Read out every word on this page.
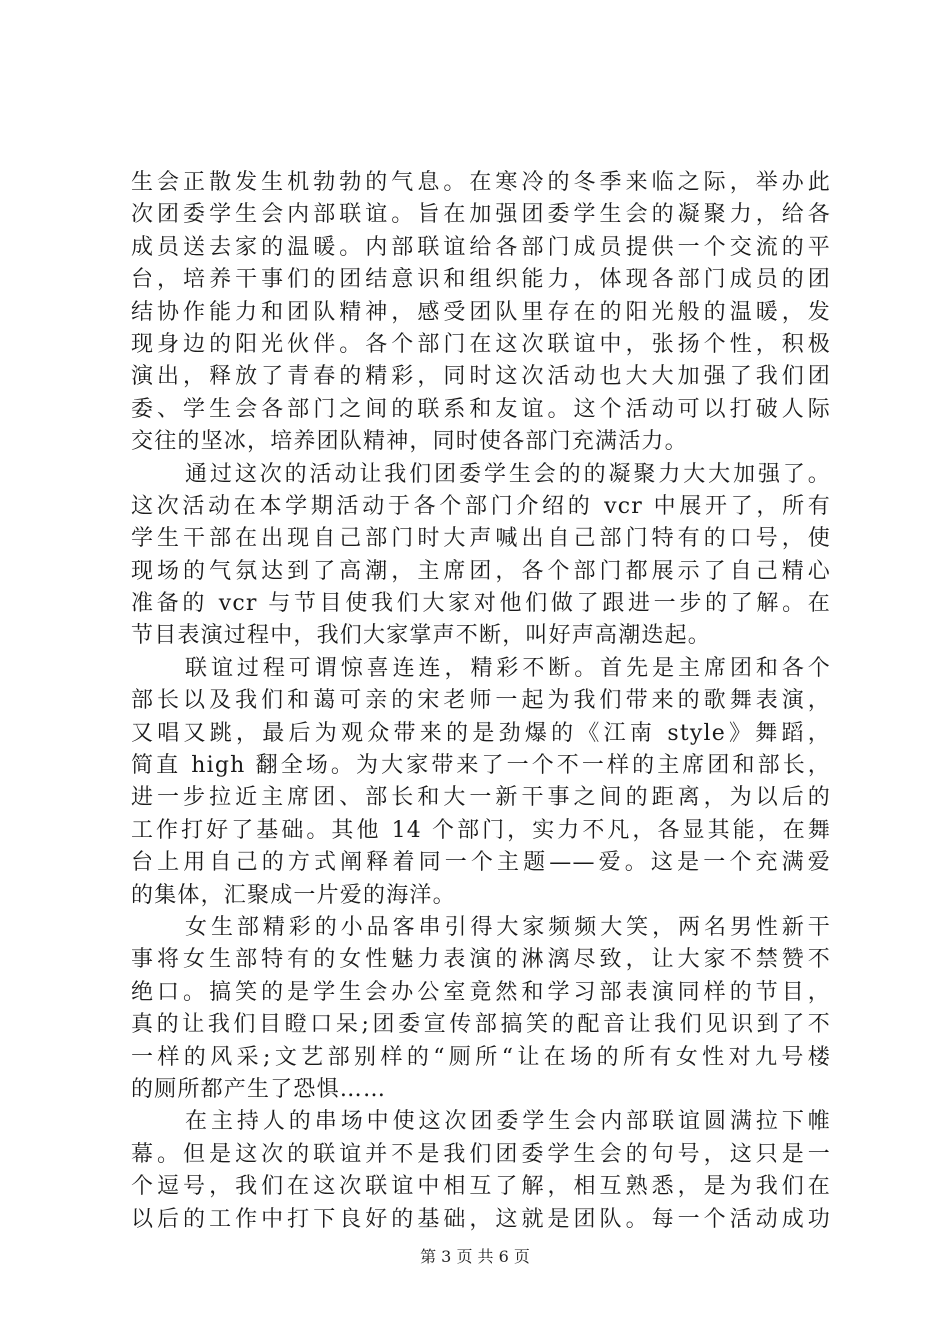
生会正散发生机勃勃的气息。在寒冷的冬季来临之际，举办此
次团委学生会内部联谊。旨在加强团委学生会的凝聚力，给各
成员送去家的温暖。内部联谊给各部门成员提供一个交流的平
台，培养干事们的团结意识和组织能力，体现各部门成员的团
结协作能力和团队精神，感受团队里存在的阳光般的温暖，发
现身边的阳光伙伴。各个部门在这次联谊中，张扬个性，积极
演出，释放了青春的精彩，同时这次活动也大大加强了我们团
委、学生会各部门之间的联系和友谊。这个活动可以打破人际
交往的坚冰，培养团队精神，同时使各部门充满活力。
通过这次的活动让我们团委学生会的的凝聚力大大加强了。
这次活动在本学期活动于各个部门介绍的 vcr 中展开了，所有
学生干部在出现自己部门时大声喊出自己部门特有的口号，使
现场的气氛达到了高潮，主席团，各个部门都展示了自己精心
准备的 vcr 与节目使我们大家对他们做了跟进一步的了解。在
节目表演过程中，我们大家掌声不断，叫好声高潮迭起。
联谊过程可谓惊喜连连，精彩不断。首先是主席团和各个
部长以及我们和蔼可亲的宋老师一起为我们带来的歌舞表演，
又唱又跳，最后为观众带来的是劲爆的《江南 style》舞蹈，
简直 high 翻全场。为大家带来了一个不一样的主席团和部长，
进一步拉近主席团、部长和大一新干事之间的距离，为以后的
工作打好了基础。其他 14 个部门，实力不凡，各显其能，在舞
台上用自己的方式阐释着同一个主题——爱。这是一个充满爱
的集体，汇聚成一片爱的海洋。
女生部精彩的小品客串引得大家频频大笑，两名男性新干
事将女生部特有的女性魅力表演的淋漓尽致，让大家不禁赞不
绝口。搞笑的是学生会办公室竟然和学习部表演同样的节目，
真的让我们目瞪口呆;团委宣传部搞笑的配音让我们见识到了不
一样的风采;文艺部别样的“厕所“让在场的所有女性对九号楼
的厕所都产生了恐惧……
在主持人的串场中使这次团委学生会内部联谊圆满拉下帷
幕。但是这次的联谊并不是我们团委学生会的句号，这只是一
个逗号，我们在这次联谊中相互了解，相互熟悉，是为我们在
以后的工作中打下良好的基础，这就是团队。每一个活动成功
第 3 页 共 6 页
